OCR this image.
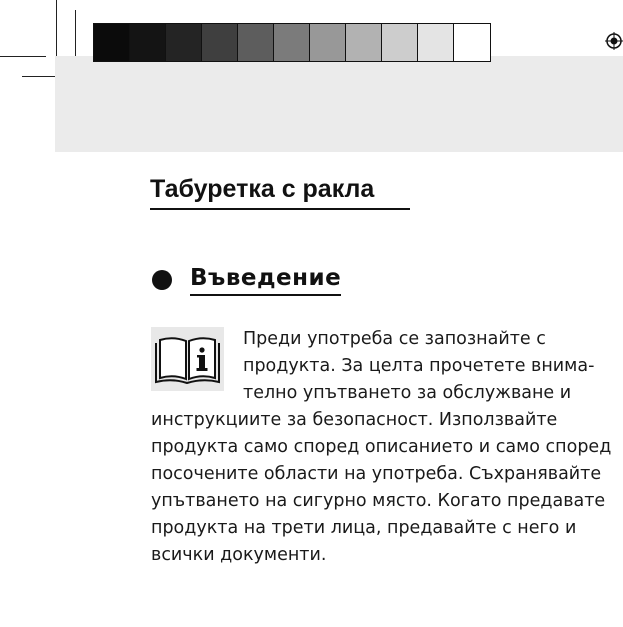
Табуретка с ракла
Въведение

Преди употреба се запознайте с
продукта. За целта прочетете внима-
телно упътването за обслужване и

инструкциите за безопасност. Използвайте
продукта само според описанието и само според
посочените области на употреба. Съхранявайте
упътването на сигурно място. Когато предавате
продукта на трети лица, предавайте с него и
всички документи.
